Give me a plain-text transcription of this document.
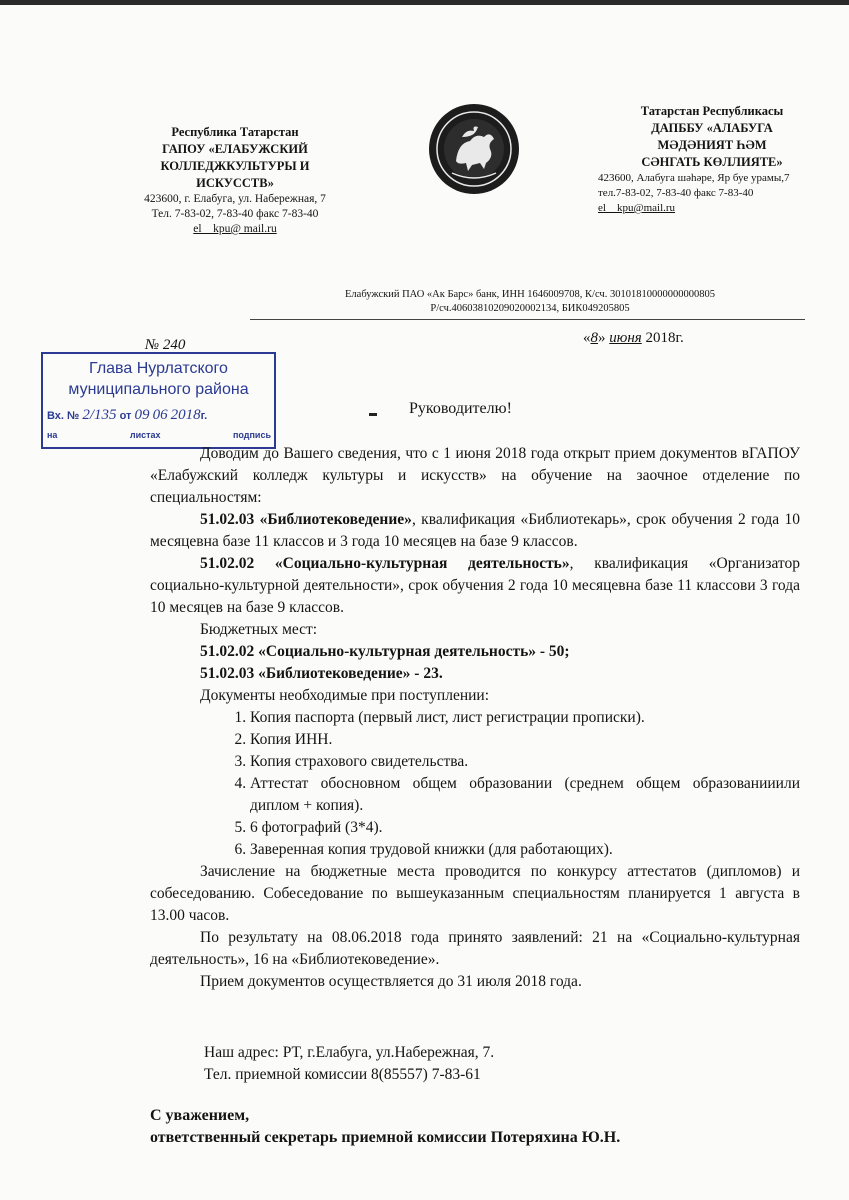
Республика Татарстан
ГАПОУ «ЕЛАБУЖСКИЙ
КОЛЛЕДЖКУЛЬТУРЫ И
ИСКУССТВ»
423600, г. Елабуга, ул. Набережная, 7
Тел. 7-83-02, 7-83-40 факс 7-83-40
el__kpu@ mail.ru
Татарстан Республикасы
ДАПББУ «АЛАБУГА
МӘДӘНИЯТ ҺӘМ
СӘНГАТЬ КӨЛЛИЯТЕ»
423600, Алабуга шәһәре, Яр буе урамы,7
тел.7-83-02, 7-83-40 факс 7-83-40
el__kpu@mail.ru
Елабужский ПАО «Ак Барс» банк, ИНН 1646009708, К/сч. 30101810000000000805
Р/сч.40603810209020002134, БИК049205805
№ 240	«8» июня 2018г.
Глава Нурлатского
муниципального района
Вх. № 2/135 от 09 06 2018г.
на	листах	подпись
Руководителю!

Доводим до Вашего сведения, что с 1 июня 2018 года открыт прием документов вГАПОУ «Елабужский колледж культуры и искусств» на обучение на заочное отделение по специальностям:

51.02.03 «Библиотековедение», квалификация «Библиотекарь», срок обучения 2 года 10 месяцевна базе 11 классов и 3 года 10 месяцев на базе 9 классов.

51.02.02 «Социально-культурная деятельность», квалификация «Организатор социально-культурной деятельности», срок обучения 2 года 10 месяцевна базе 11 классови 3 года 10 месяцев на базе 9 классов.

Бюджетных мест:

51.02.02 «Социально-культурная деятельность» - 50;

51.02.03 «Библиотековедение» - 23.

Документы необходимые при поступлении:

1. Копия паспорта (первый лист, лист регистрации прописки).
2. Копия ИНН.
3. Копия страхового свидетельства.
4. Аттестат обосновном общем образовании (среднем общем образованииили диплом + копия).
5. 6 фотографий (3*4).
6. Заверенная копия трудовой книжки (для работающих).

Зачисление на бюджетные места проводится по конкурсу аттестатов (дипломов) и собеседованию. Собеседование по вышеуказанным специальностям планируется 1 августа в 13.00 часов.

По результату на 08.06.2018 года принято заявлений: 21 на «Социально-культурная деятельность», 16 на «Библиотековедение».

Прием документов осуществляется до 31 июля 2018 года.

Наш адрес: РТ, г.Елабуга, ул.Набережная, 7.
Тел. приемной комиссии 8(85557) 7-83-61
С уважением,
ответственный секретарь приемной комиссии Потеряхина Ю.Н.
